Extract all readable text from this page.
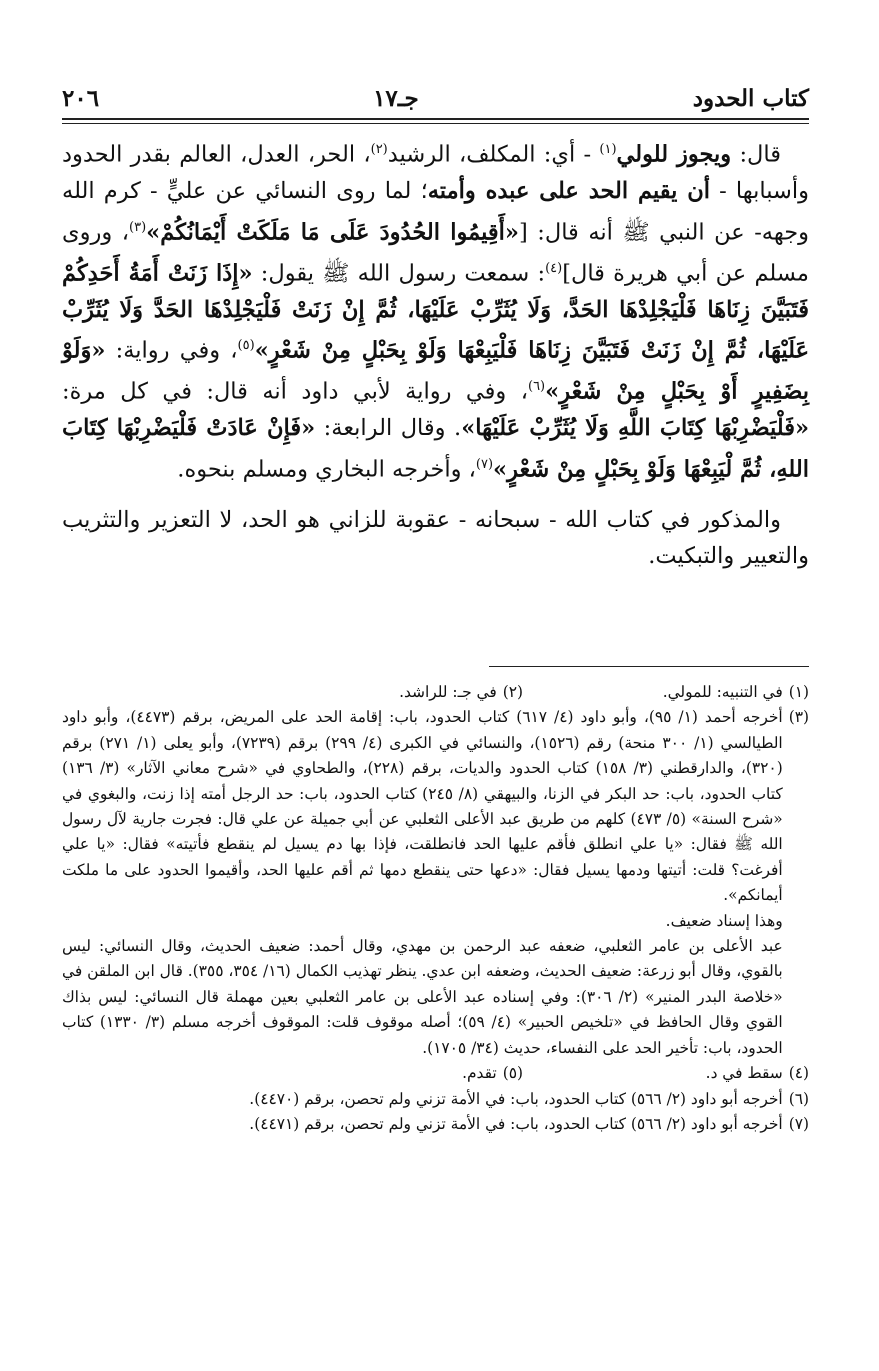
كتاب الحدود
جـ١٧
٢٠٦

قال: ويجوز للولي$^{(١)}$ - أي: المكلف، الرشيد$^{(٢)}$، الحر، العدل، العالم بقدر الحدود وأسبابها - أن يقيم الحد على عبده وأمته؛ لما روى النسائي عن عليٍّ - كرم الله وجهه- عن النبي ﷺ أنه قال: [«أَقِيمُوا الحُدُودَ عَلَى مَا مَلَكَتْ أَيْمَانُكُمْ»$^{(٣)}$، وروى مسلم عن أبي هريرة قال]$^{(٤)}$: سمعت رسول الله ﷺ يقول: «إِذَا زَنَتْ أَمَةُ أَحَدِكُمْ فَتَبَيَّنَ زِنَاهَا فَلْيَجْلِدْهَا الحَدَّ، وَلَا يُثَرِّبْ عَلَيْهَا، ثُمَّ إِنْ زَنَتْ فَلْيَجْلِدْهَا الحَدَّ وَلَا يُثَرِّبْ عَلَيْهَا، ثُمَّ إِنْ زَنَتْ فَتَبَيَّنَ زِنَاهَا فَلْيَبِعْهَا وَلَوْ بِحَبْلٍ مِنْ شَعْرٍ»$^{(٥)}$، وفي رواية: «وَلَوْ بِضَفِيرٍ أَوْ بِحَبْلٍ مِنْ شَعْرٍ»$^{(٦)}$، وفي رواية لأبي داود أنه قال: في كل مرة: «فَلْيَضْرِبْهَا كِتَابَ اللَّهِ وَلَا يُثَرِّبْ عَلَيْهَا». وقال الرابعة: «فَإِنْ عَادَتْ فَلْيَضْرِبْهَا كِتَابَ اللهِ، ثُمَّ لْيَبِعْهَا وَلَوْ بِحَبْلٍ مِنْ شَعْرٍ»$^{(٧)}$، وأخرجه البخاري ومسلم بنحوه.

والمذكور في كتاب الله - سبحانه - عقوبة للزاني هو الحد، لا التعزير والتثريب والتعيير والتبكيت.

(١)
في التنبيه: للمولي.
(٢)
في جـ: للراشد.
(٣)
أخرجه أحمد (١/ ٩٥)، وأبو داود (٤/ ٦١٧) كتاب الحدود، باب: إقامة الحد على المريض، برقم (٤٤٧٣)، وأبو داود الطيالسي (١/ ٣٠٠ منحة) رقم (١٥٢٦)، والنسائي في الكبرى (٤/ ٢٩٩) برقم (٧٢٣٩)، وأبو يعلى (١/ ٢٧١) برقم (٣٢٠)، والدارقطني (٣/ ١٥٨) كتاب الحدود والديات، برقم (٢٢٨)، والطحاوي في «شرح معاني الآثار» (٣/ ١٣٦) كتاب الحدود، باب: حد البكر في الزنا، والبيهقي (٨/ ٢٤٥) كتاب الحدود، باب: حد الرجل أمته إذا زنت، والبغوي في «شرح السنة» (٥/ ٤٧٣) كلهم من طريق عبد الأعلى الثعلبي عن أبي جميلة عن علي قال: فجرت جارية لآل رسول الله ﷺ فقال: «يا علي انطلق فأقم عليها الحد فانطلقت، فإذا بها دم يسيل لم ينقطع فأتيته» فقال: «يا علي أفرغت؟ قلت: أتيتها ودمها يسيل فقال: «دعها حتى ينقطع دمها ثم أقم عليها الحد، وأقيموا الحدود على ما ملكت أيمانكم».
وهذا إسناد ضعيف.
عبد الأعلى بن عامر الثعلبي، ضعفه عبد الرحمن بن مهدي، وقال أحمد: ضعيف الحديث، وقال النسائي: ليس بالقوي، وقال أبو زرعة: ضعيف الحديث، وضعفه ابن عدي. ينظر تهذيب الكمال (١٦/ ٣٥٤، ٣٥٥). قال ابن الملقن في «خلاصة البدر المنير» (٢/ ٣٠٦): وفي إسناده عبد الأعلى بن عامر الثعلبي بعين مهملة قال النسائي: ليس بذاك القوي وقال الحافظ في «تلخيص الحبير» (٤/ ٥٩)؛ أصله موقوف قلت: الموقوف أخرجه مسلم (٣/ ١٣٣٠) كتاب الحدود، باب: تأخير الحد على النفساء، حديث (٣٤/ ١٧٠٥).
(٤)
سقط في د.
(٥)
تقدم.
(٦)
أخرجه أبو داود (٢/ ٥٦٦) كتاب الحدود، باب: في الأمة تزني ولم تحصن، برقم (٤٤٧٠).
(٧)
أخرجه أبو داود (٢/ ٥٦٦) كتاب الحدود، باب: في الأمة تزني ولم تحصن، برقم (٤٤٧١).
